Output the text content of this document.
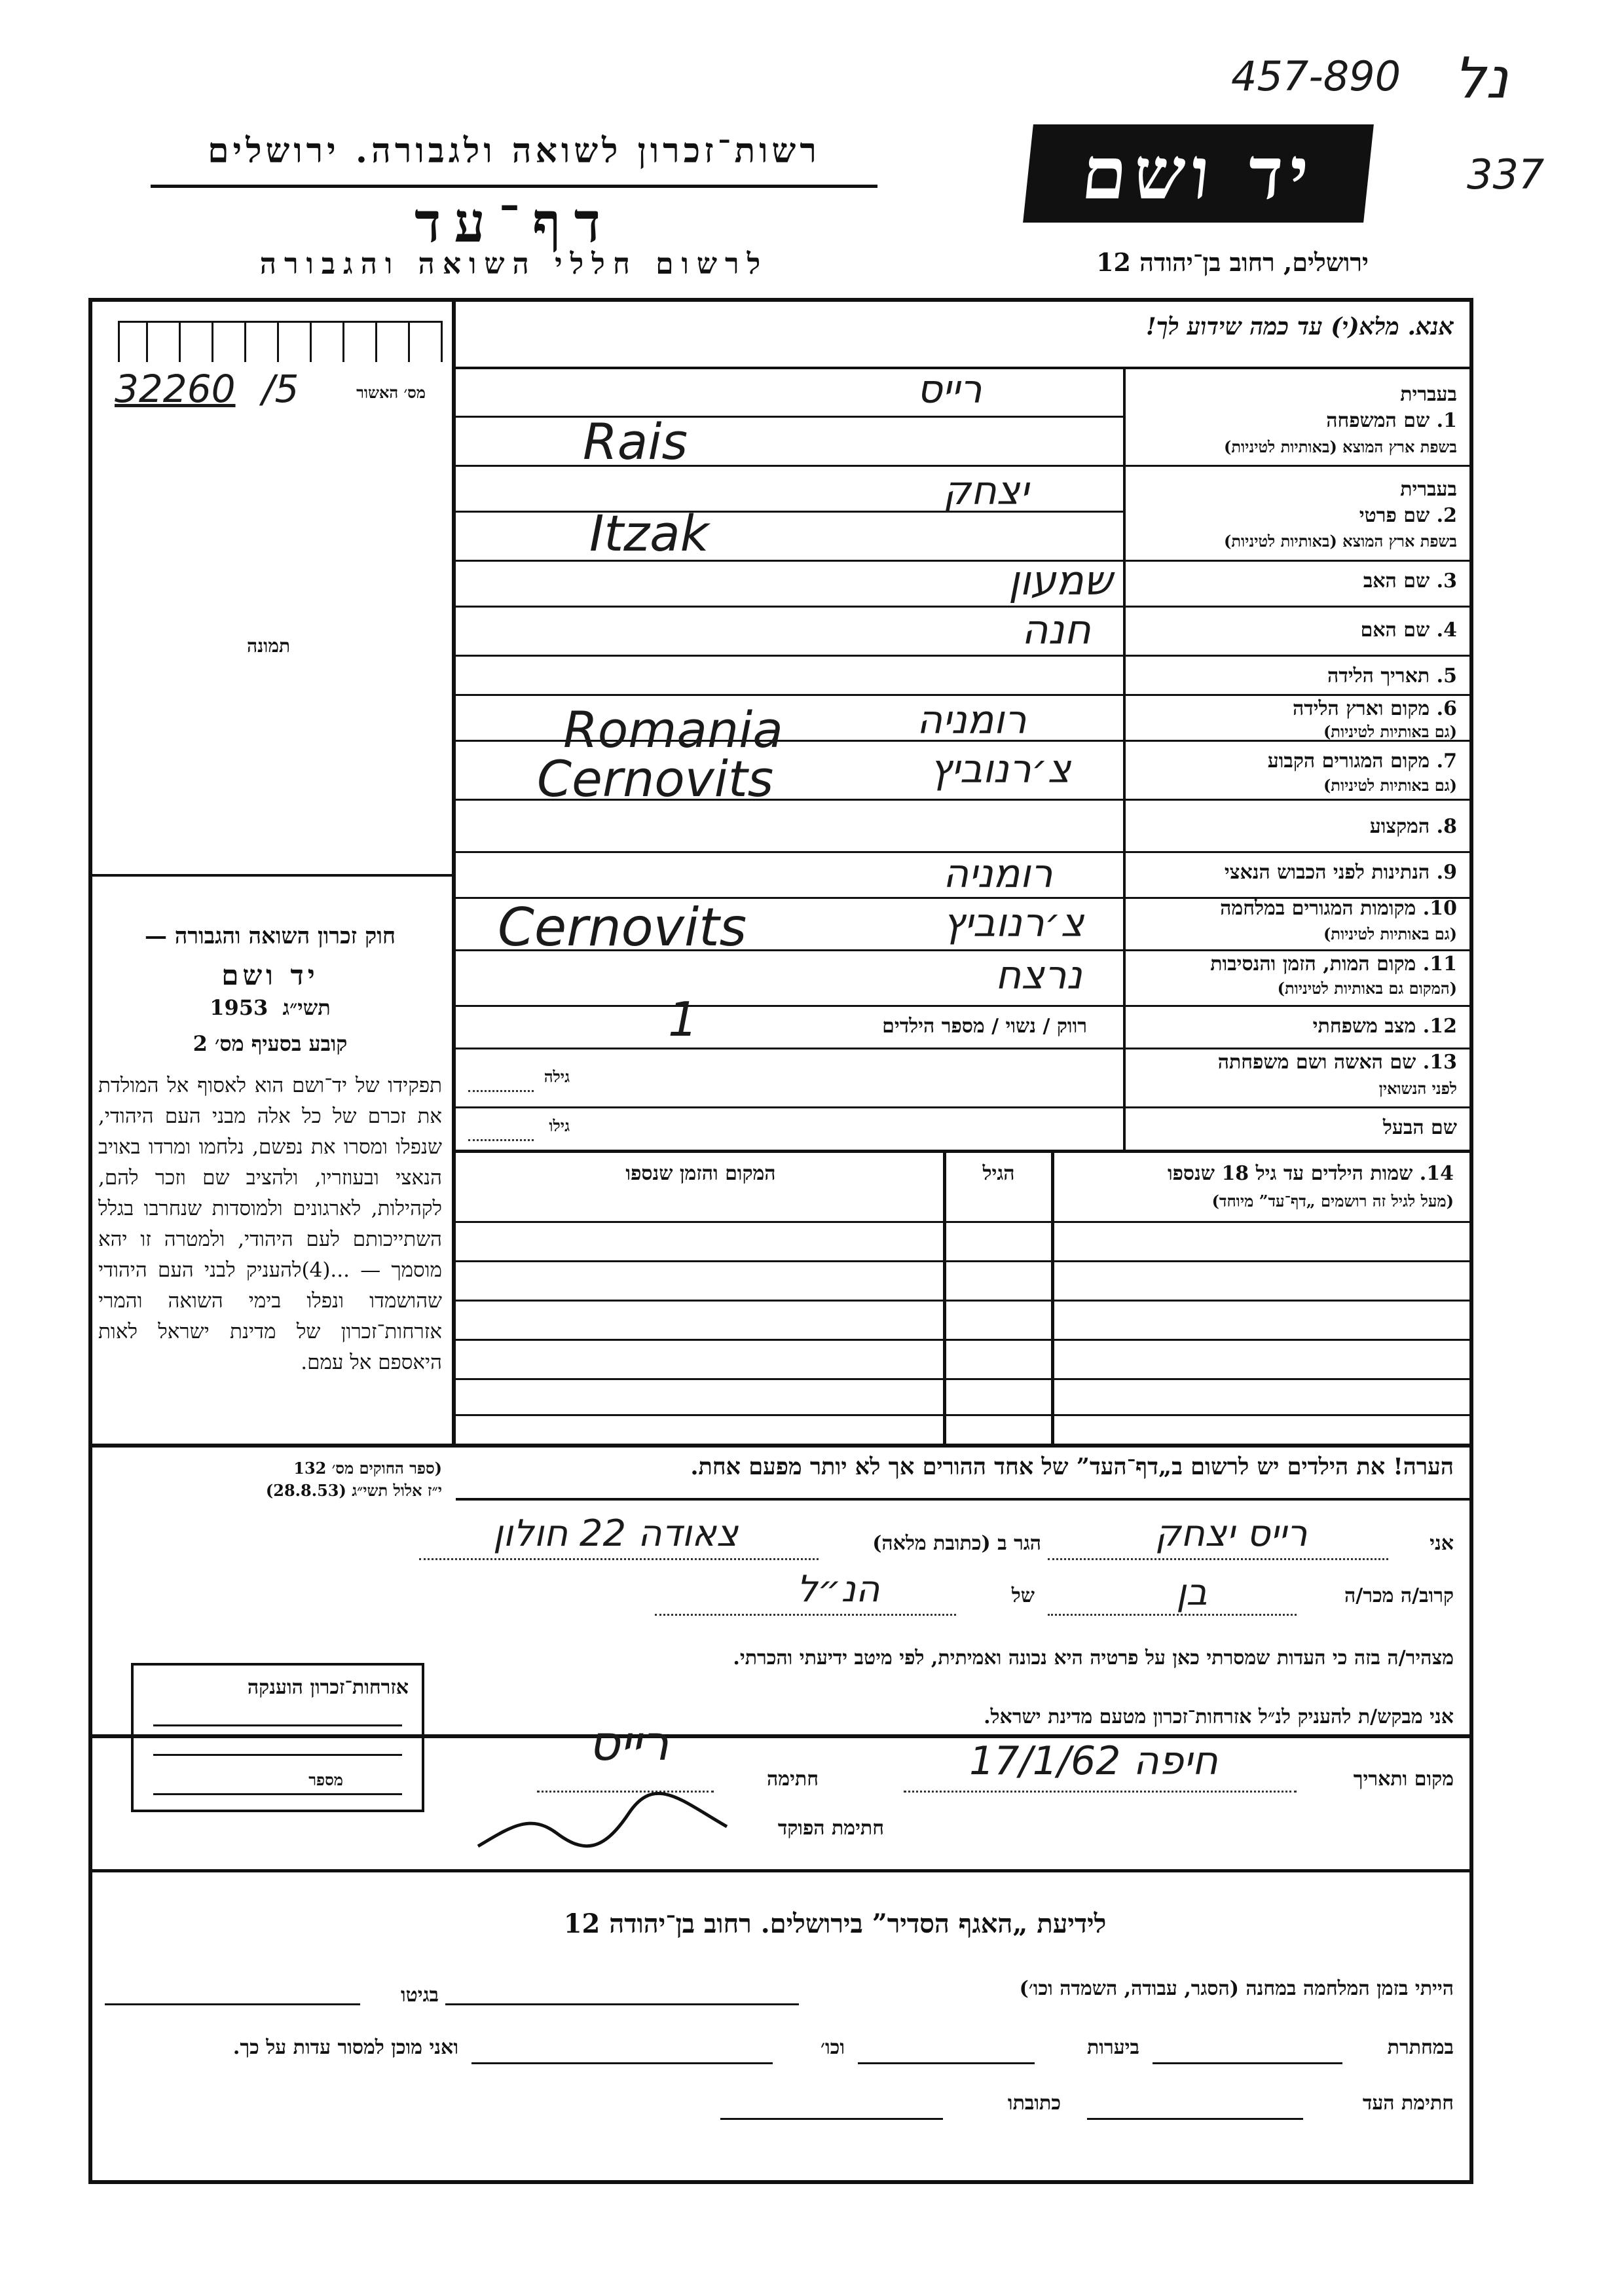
457-890 נל
337
רשות־זכרון לשואה ולגבורה. ירושלים
דף־עד
לרשום חללי השואה והגבורה
יד ושם
ירושלים, רחוב בן־יהודה 12
אנא. מלא(י) עד כמה שידוע לך!
32260 /5	מס׳ האשור
תמונה
בעברית
1. שם המשפחה
בשפת ארץ המוצא (באותיות לטיניות)
רייס
Rais
בעברית
2. שם פרטי
בשפת ארץ המוצא (באותיות לטיניות)
יצחק
Itzak
3. שם האב
שמעון
4. שם האם
חנה
5. תאריך הלידה
6. מקום וארץ הלידה
(גם באותיות לטיניות)
רומניה
Romania
7. מקום המגורים הקבוע
(גם באותיות לטיניות)
צ׳רנוביץ
Cernovits
8. המקצוע
9. הנתינות לפני הכבוש הנאצי
רומניה
10. מקומות המגורים במלחמה
(גם באותיות לטיניות)
צ׳רנוביץ
Cernovits
11. מקום המות, הזמן והנסיבות
(המקום גם באותיות לטיניות)
נרצח
12. מצב משפחתי
רווק / נשוי / מספר הילדים
1
13. שם האשה ושם משפחתה
לפני הנשואין
גילה
שם הבעל
גילו
14. שמות הילדים עד גיל 18 שנספו
(מעל לגיל זה רושמים „דף־עד” מיוחד)
הגיל
המקום והזמן שנספו
חוק זכרון השואה והגבורה —
יד ושם
1953 תשי״ג
קובע בסעיף מס׳ 2
תפקידו של יד־ושם הוא לאסוף אל המולדת את זכרם של כל אלה מבני העם היהודי, שנפלו ומסרו את נפשם, נלחמו ומרדו באויב הנאצי ובעוזריו, ולהציב שם וזכר להם, לקהילות, לארגונים ולמוסדות שנחרבו בגלל השתייכותם לעם היהודי, ולמטרה זו יהא מוסמך — ...(4)להעניק לבני העם היהודי שהושמדו ונפלו בימי השואה והמרי אזרחות־זכרון של מדינת ישראל לאות היאספם אל עמם.
(ספר החוקים מס׳ 132
י״ז אלול תשי״ג (28.8.53)
הערה! את הילדים יש לרשום ב„דף־העד” של אחד ההורים אך לא יותר מפעם אחת.
אני
רייס יצחק
הגר ב (כתובת מלאה)
צאודה 22 חולון
קרוב/ה מכר/ה
בן
של
הנ״ל
מצהיר/ה בזה כי העדות שמסרתי כאן על פרטיה היא נכונה ואמיתית, לפי מיטב ידיעתי והכרתי.
אני מבקש/ת להעניק לנ״ל אזרחות־זכרון מטעם מדינת ישראל.
מקום ותאריך
חיפה 17/1/62
חתימה
רייס
חתימת הפוקד
אזרחות־זכרון הוענקה
מספר
לידיעת „האגף הסדיר” בירושלים. רחוב בן־יהודה 12
הייתי בזמן המלחמה במחנה (הסגר, עבודה, השמדה וכו׳)
בגיטו
במחתרת
ביערות
וכו׳
ואני מוכן למסור עדות על כך.
חתימת העד
כתובתו
